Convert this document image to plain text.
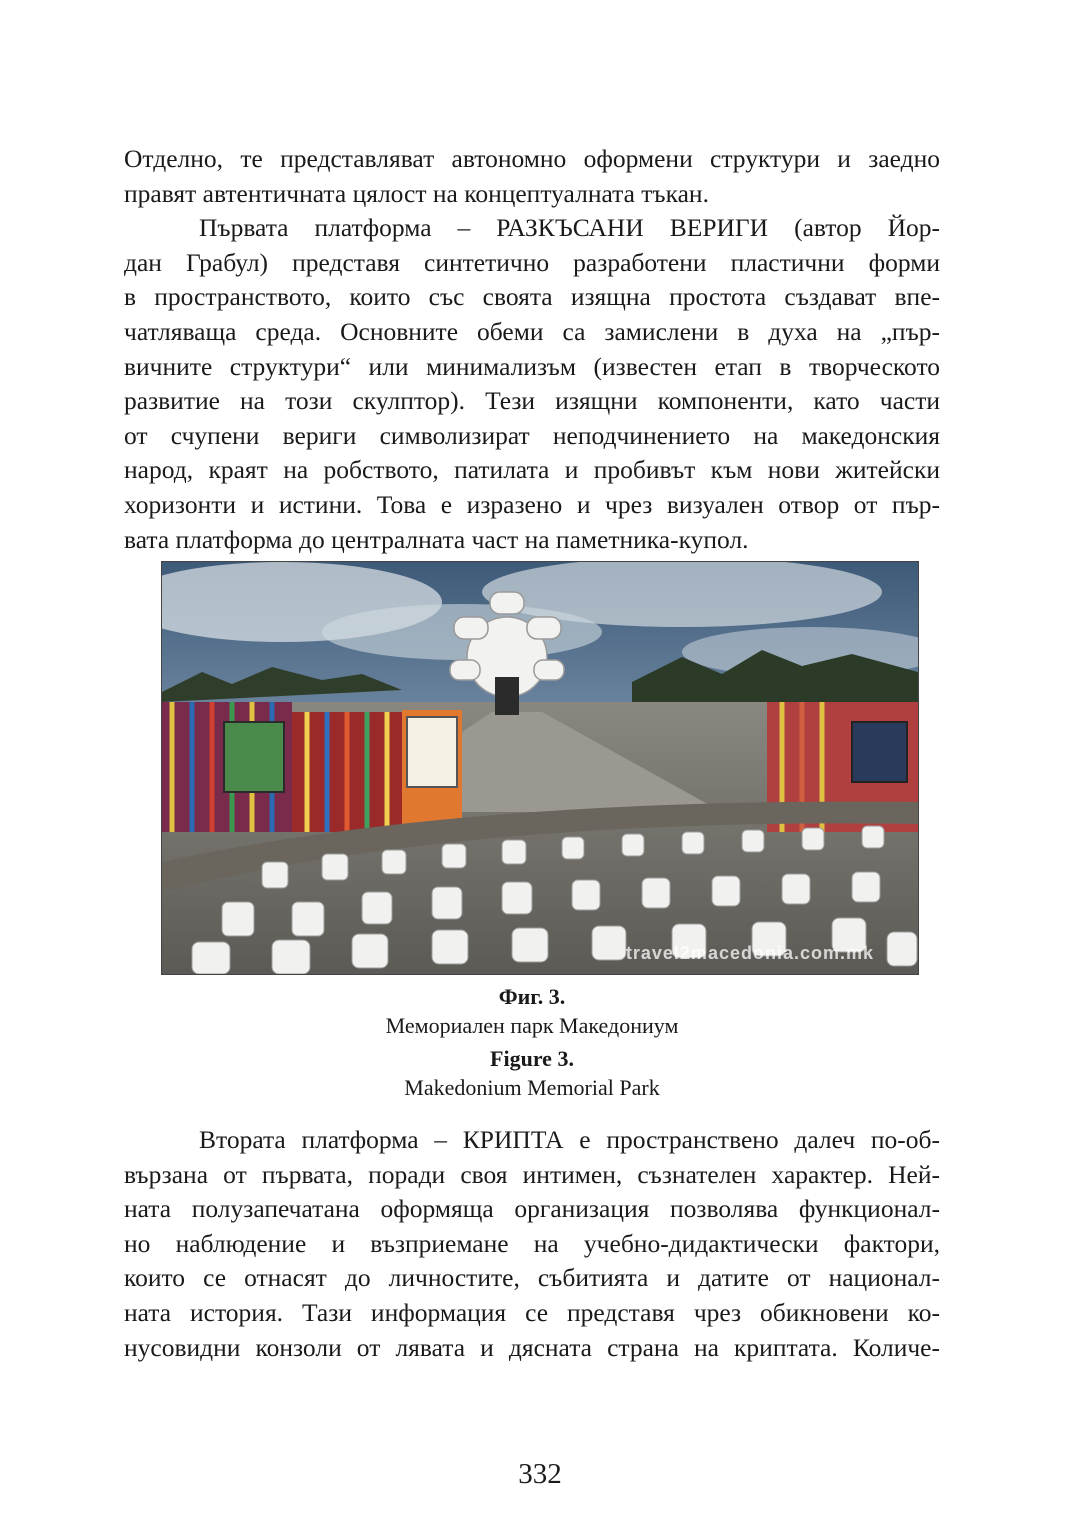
Отделно, те представляват автономно оформени структури и заедно
правят автентичната цялост на концептуалната тъкан.
Първата платформа – РАЗКЪСАНИ ВЕРИГИ (автор Йор-
дан Грабул) представя синтетично разработени пластични форми
в пространството, които със своята изящна простота създават впе-
чатляваща среда. Основните обеми са замислени в духа на „пър-
вичните структури“ или минимализъм (известен етап в творческото
развитие на този скулптор). Тези изящни компоненти, като части
от счупени вериги символизират неподчинението на македонския
народ, краят на робството, патилата и пробивът към нови житейски
хоризонти и истини. Това е изразено и чрез визуален отвор от пър-
вата платформа до централната част на паметника-купол.
travel2macedonia.com.mk
Фиг. 3.
Мемориален парк Македониум
Figure 3.
Makedonium Memorial Park
Втората платформа – КРИПТА е пространствено далеч по-об-
вързана от първата, поради своя интимен, съзнателен характер. Ней-
ната полузапечатана оформяща организация позволява функционал-
но наблюдение и възприемане на учебно-дидактически фактори,
които се отнасят до личностите, събитията и датите от национал-
ната история. Тази информация се представя чрез обикновени ко-
нусовидни конзоли от лявата и дясната страна на криптата. Количе-
332
